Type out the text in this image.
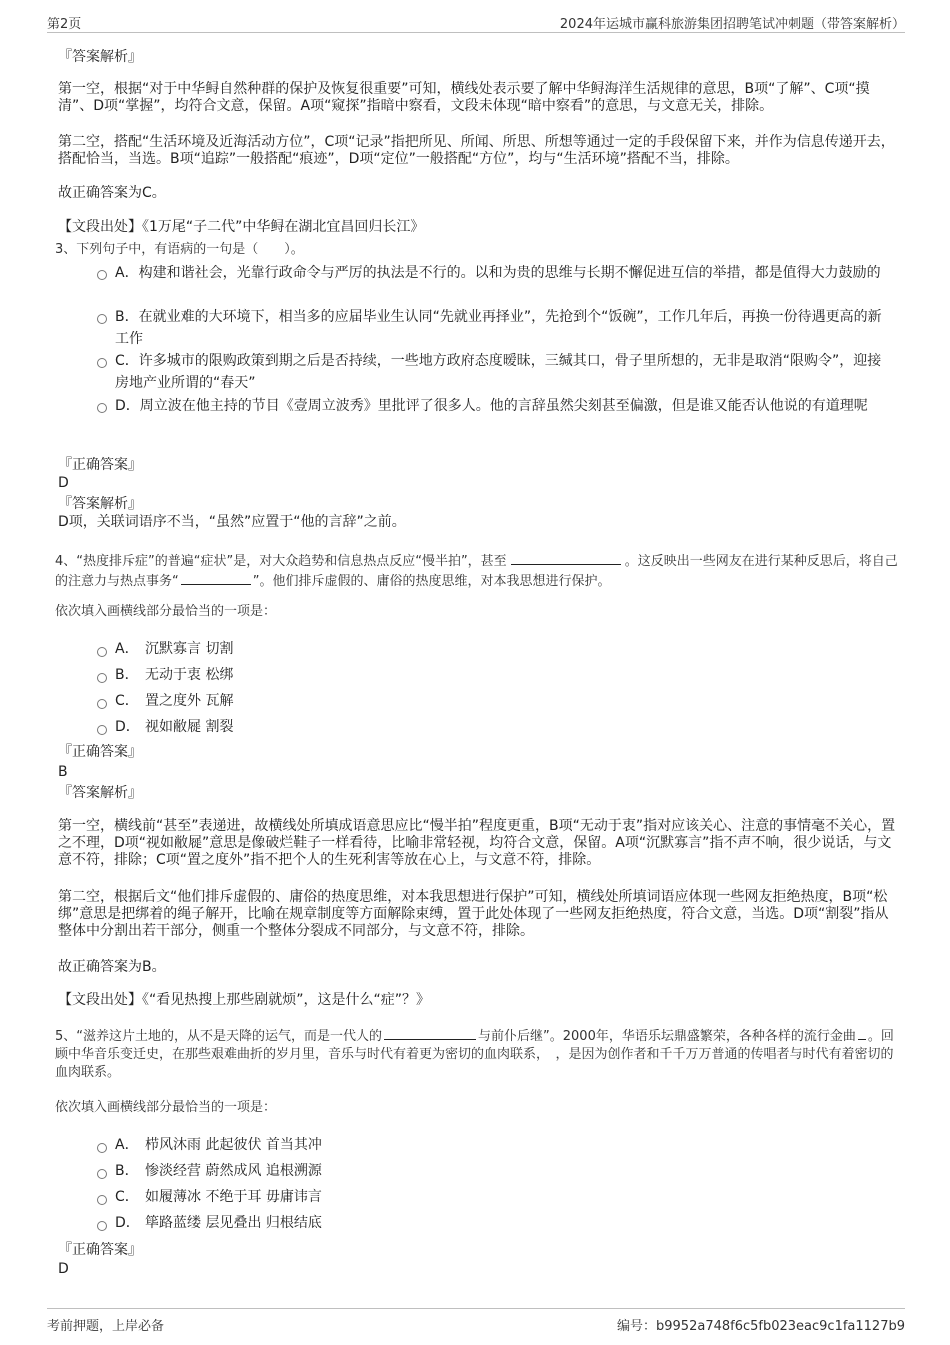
第2页	2024年运城市赢科旅游集团招聘笔试冲刺题（带答案解析）
『答案解析』
第一空，根据“对于中华鲟自然种群的保护及恢复很重要”可知，横线处表示要了解中华鲟海洋生活规律的意思，B项“了解”、C项“摸清”、D项“掌握”，均符合文意，保留。A项“窥探”指暗中察看，文段未体现“暗中察看”的意思，与文意无关，排除。
第二空，搭配“生活环境及近海活动方位”，C项“记录”指把所见、所闻、所思、所想等通过一定的手段保留下来，并作为信息传递开去，搭配恰当，当选。B项“追踪”一般搭配“痕迹”，D项“定位”一般搭配“方位”，均与“生活环境”搭配不当，排除。
故正确答案为C。
【文段出处】《1万尾“子二代”中华鲟在湖北宜昌回归长江》
3、下列句子中，有语病的一句是（　　）。
A．构建和谐社会，光靠行政命令与严厉的执法是不行的。以和为贵的思维与长期不懈促进互信的举措，都是值得大力鼓励的
B．在就业难的大环境下，相当多的应届毕业生认同“先就业再择业”，先抢到个“饭碗”，工作几年后，再换一份待遇更高的新工作
C．许多城市的限购政策到期之后是否持续，一些地方政府态度暧昧，三缄其口，骨子里所想的，无非是取消“限购令”，迎接房地产业所谓的“春天”
D．周立波在他主持的节目《壹周立波秀》里批评了很多人。他的言辞虽然尖刻甚至偏激，但是谁又能否认他说的有道理呢
『正确答案』
D
『答案解析』
D项，关联词语序不当，“虽然”应置于“他的言辞”之前。
4、“热度排斥症”的普遍“症状”是，对大众趋势和信息热点反应“慢半拍”，甚至	。这反映出一些网友在进行某种反思后，将自己的注意力与热点事务“	”。他们排斥虚假的、庸俗的热度思维，对本我思想进行保护。
依次填入画横线部分最恰当的一项是：
A． 沉默寡言 切割
B． 无动于衷 松绑
C． 置之度外 瓦解
D． 视如敝屣 割裂
『正确答案』
B
『答案解析』
第一空，横线前“甚至”表递进，故横线处所填成语意思应比“慢半拍”程度更重，B项“无动于衷”指对应该关心、注意的事情毫不关心，置之不理，D项“视如敝屣”意思是像破烂鞋子一样看待，比喻非常轻视，均符合文意，保留。A项“沉默寡言”指不声不响，很少说话，与文意不符，排除；C项“置之度外”指不把个人的生死利害等放在心上，与文意不符，排除。
第二空，根据后文“他们排斥虚假的、庸俗的热度思维，对本我思想进行保护”可知，横线处所填词语应体现一些网友拒绝热度，B项“松绑”意思是把绑着的绳子解开，比喻在规章制度等方面解除束缚，置于此处体现了一些网友拒绝热度，符合文意，当选。D项“割裂”指从整体中分割出若干部分，侧重一个整体分裂成不同部分，与文意不符，排除。
故正确答案为B。
【文段出处】《“看见热搜上那些剧就烦”，这是什么“症”？》
5、“滋养这片土地的，从不是天降的运气，而是一代人的	与前仆后继”。2000年，华语乐坛鼎盛繁荣，各种各样的流行金曲 。回顾中华音乐变迁史，在那些艰难曲折的岁月里，音乐与时代有着更为密切的血肉联系，　，是因为创作者和千千万万普通的传唱者与时代有着密切的血肉联系。
依次填入画横线部分最恰当的一项是：
A． 栉风沐雨 此起彼伏 首当其冲
B． 惨淡经营 蔚然成风 追根溯源
C． 如履薄冰 不绝于耳 毋庸讳言
D． 筚路蓝缕 层见叠出 归根结底
『正确答案』
D
考前押题，上岸必备	编号：b9952a748f6c5fb023eac9c1fa1127b9
